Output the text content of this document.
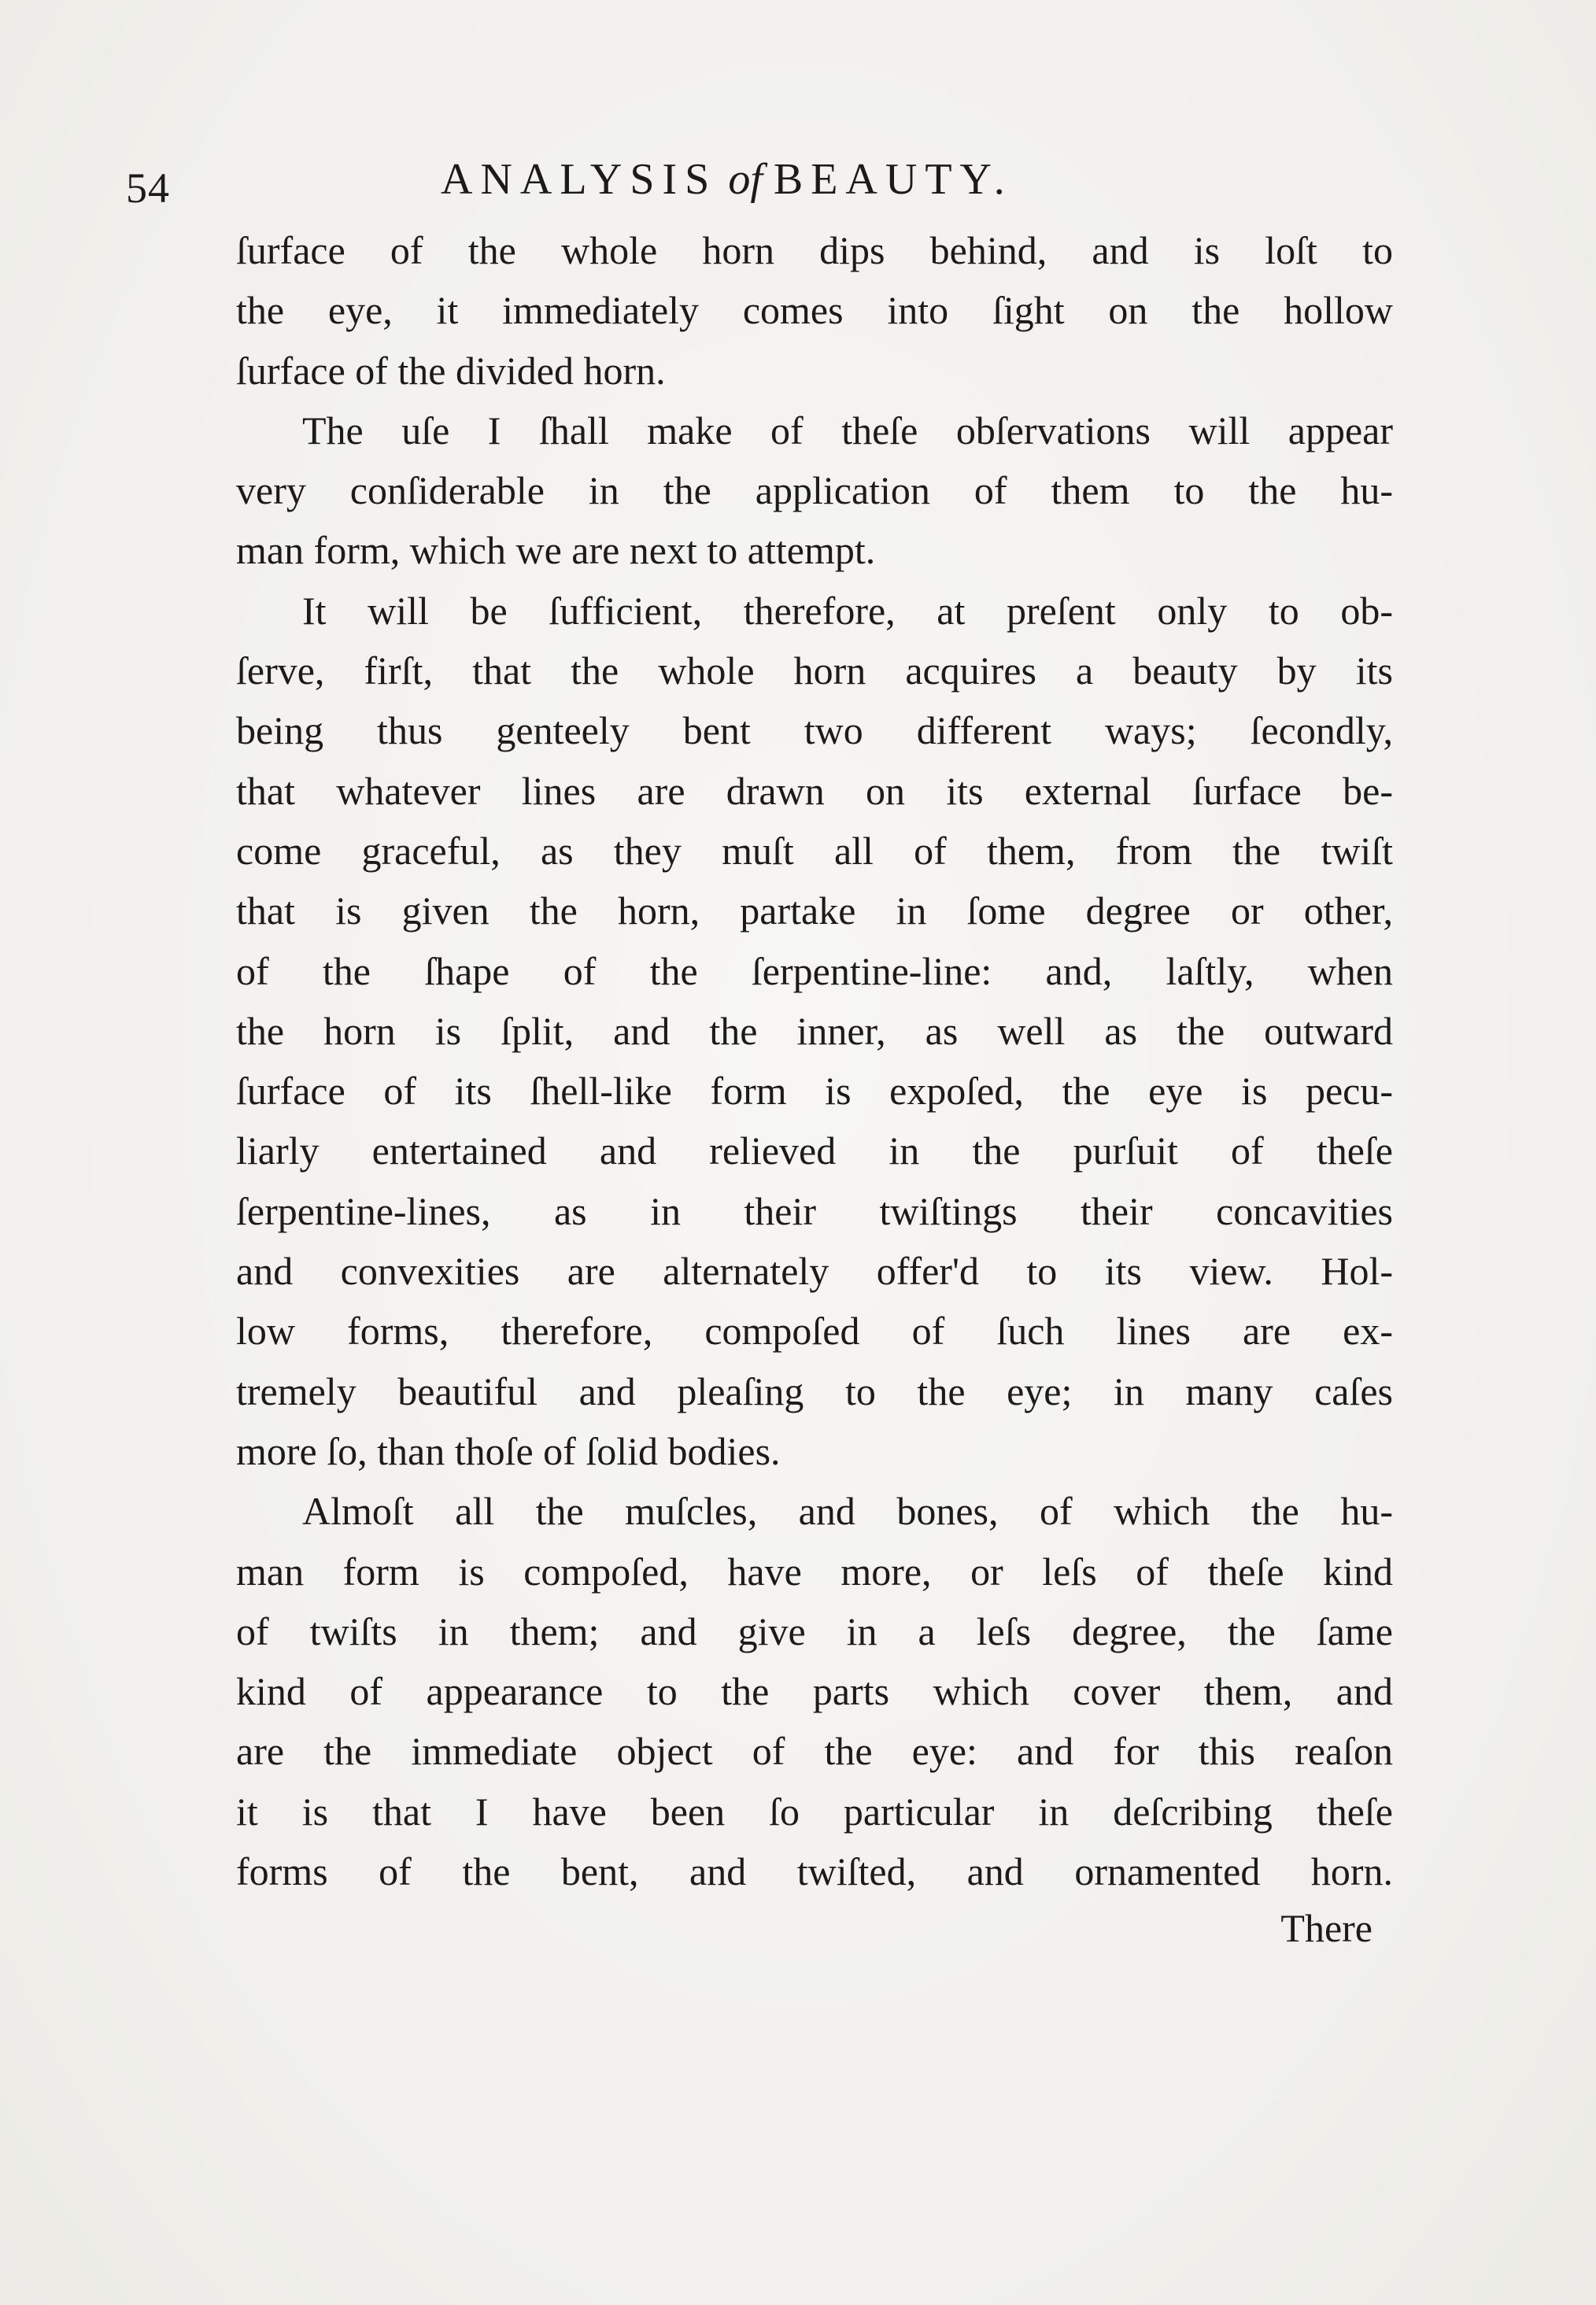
54	ANALYSIS of BEAUTY.
ſurface of the whole horn dips behind, and is loſt to
the eye, it immediately comes into ſight on the hollow
ſurface of the divided horn.
The uſe I ſhall make of theſe obſervations will appear
very conſiderable in the application of them to the hu-
man form, which we are next to attempt.
It will be ſufficient, therefore, at preſent only to ob-
ſerve, firſt, that the whole horn acquires a beauty by its
being thus genteely bent two different ways; ſecondly,
that whatever lines are drawn on its external ſurface be-
come graceful, as they muſt all of them, from the twiſt
that is given the horn, partake in ſome degree or other,
of the ſhape of the ſerpentine-line: and, laſtly, when
the horn is ſplit, and the inner, as well as the outward
ſurface of its ſhell-like form is expoſed, the eye is pecu-
liarly entertained and relieved in the purſuit of theſe
ſerpentine-lines, as in their twiſtings their concavities
and convexities are alternately offer'd to its view. Hol-
low forms, therefore, compoſed of ſuch lines are ex-
tremely beautiful and pleaſing to the eye; in many caſes
more ſo, than thoſe of ſolid bodies.
Almoſt all the muſcles, and bones, of which the hu-
man form is compoſed, have more, or leſs of theſe kind
of twiſts in them; and give in a leſs degree, the ſame
kind of appearance to the parts which cover them, and
are the immediate object of the eye: and for this reaſon
it is that I have been ſo particular in deſcribing theſe
forms of the bent, and twiſted, and ornamented horn.
There
